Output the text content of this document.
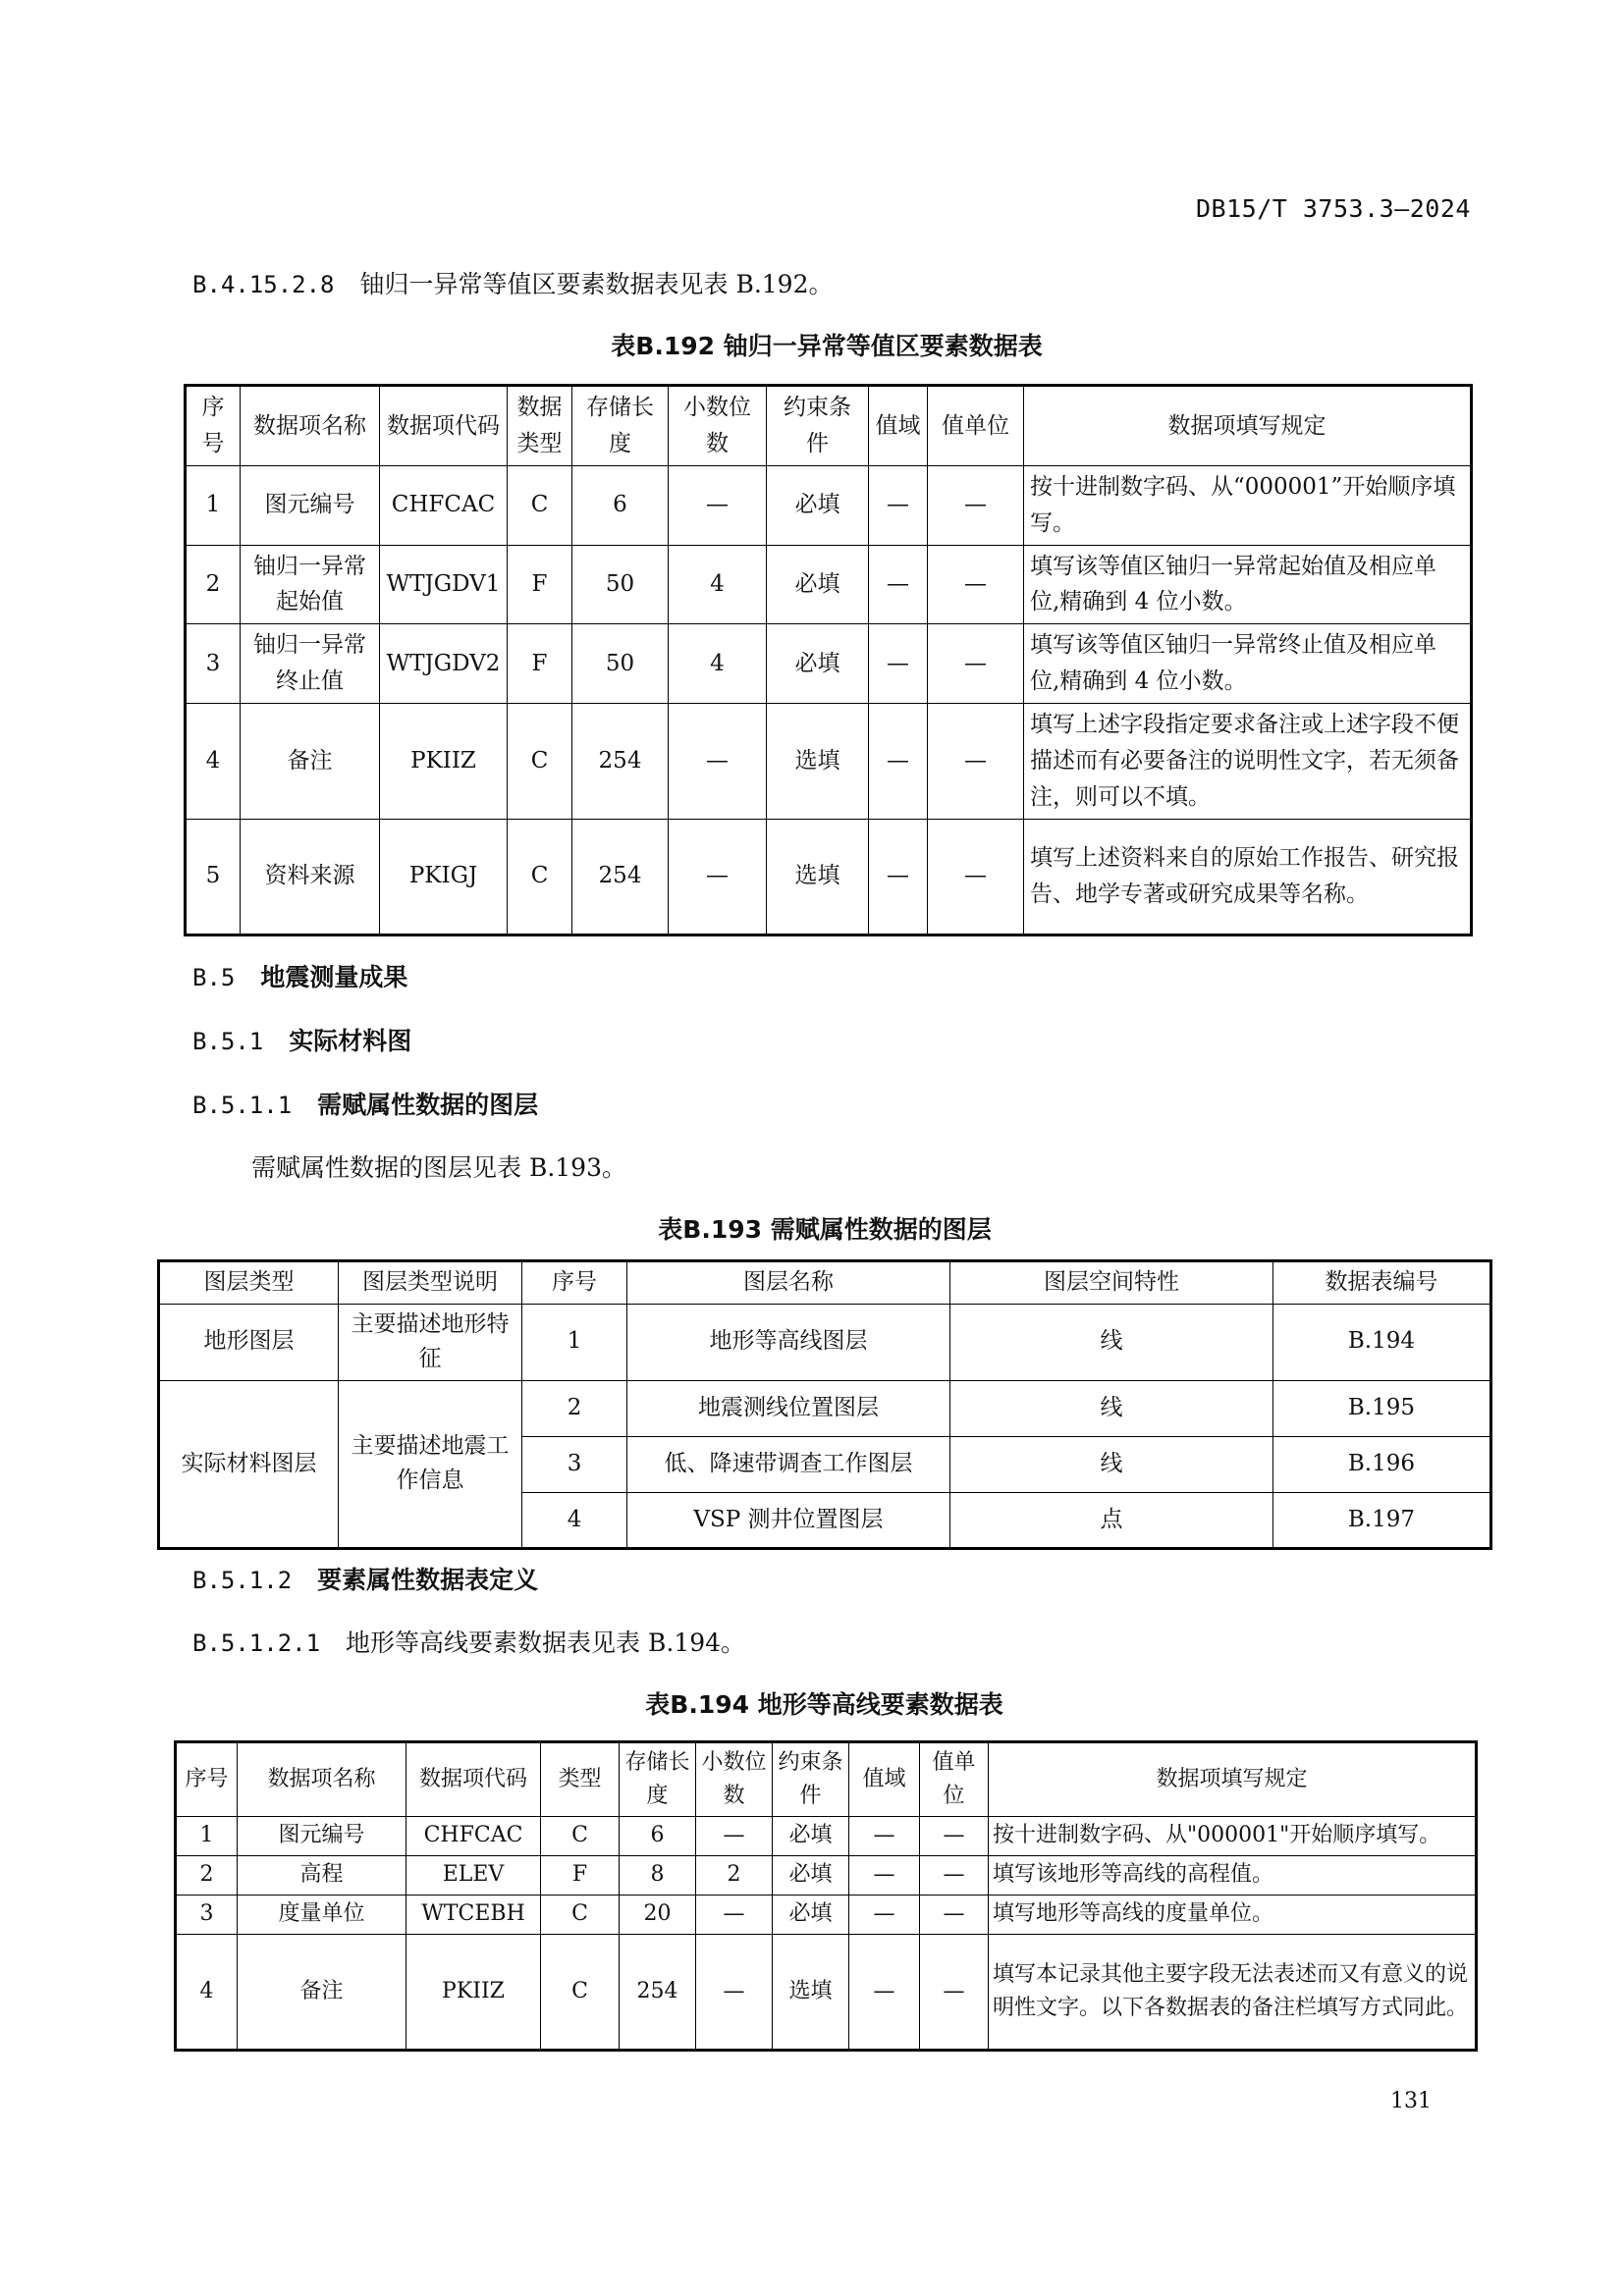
DB15/T 3753.3—2024
B.4.15.2.8 铀归一异常等值区要素数据表见表 B.192。
表B.192 铀归一异常等值区要素数据表
序号	数据项名称	数据项代码	数据类型	存储长度	小数位数	约束条件	值域	值单位	数据项填写规定
1	图元编号	CHFCAC	C	6	—	必填	—	—	按十进制数字码、从“000001”开始顺序填写。
2	铀归一异常起始值	WTJGDV1	F	50	4	必填	—	—	填写该等值区铀归一异常起始值及相应单位,精确到 4 位小数。
3	铀归一异常终止值	WTJGDV2	F	50	4	必填	—	—	填写该等值区铀归一异常终止值及相应单位,精确到 4 位小数。
4	备注	PKIIZ	C	254	—	选填	—	—	填写上述字段指定要求备注或上述字段不便描述而有必要备注的说明性文字，若无须备注，则可以不填。
5	资料来源	PKIGJ	C	254	—	选填	—	—	填写上述资料来自的原始工作报告、研究报告、地学专著或研究成果等名称。
B.5 地震测量成果
B.5.1 实际材料图
B.5.1.1 需赋属性数据的图层
需赋属性数据的图层见表 B.193。
表B.193 需赋属性数据的图层
图层类型	图层类型说明	序号	图层名称	图层空间特性	数据表编号
地形图层	主要描述地形特征	1	地形等高线图层	线	B.194
实际材料图层	主要描述地震工作信息	2	地震测线位置图层	线	B.195
		3	低、降速带调查工作图层	线	B.196
		4	VSP 测井位置图层	点	B.197
B.5.1.2 要素属性数据表定义
B.5.1.2.1 地形等高线要素数据表见表 B.194。
表B.194 地形等高线要素数据表
序号	数据项名称	数据项代码	类型	存储长度	小数位数	约束条件	值域	值单位	数据项填写规定
1	图元编号	CHFCAC	C	6	—	必填	—	—	按十进制数字码、从"000001"开始顺序填写。
2	高程	ELEV	F	8	2	必填	—	—	填写该地形等高线的高程值。
3	度量单位	WTCEBH	C	20	—	必填	—	—	填写地形等高线的度量单位。
4	备注	PKIIZ	C	254	—	选填	—	—	填写本记录其他主要字段无法表述而又有意义的说明性文字。以下各数据表的备注栏填写方式同此。
131
